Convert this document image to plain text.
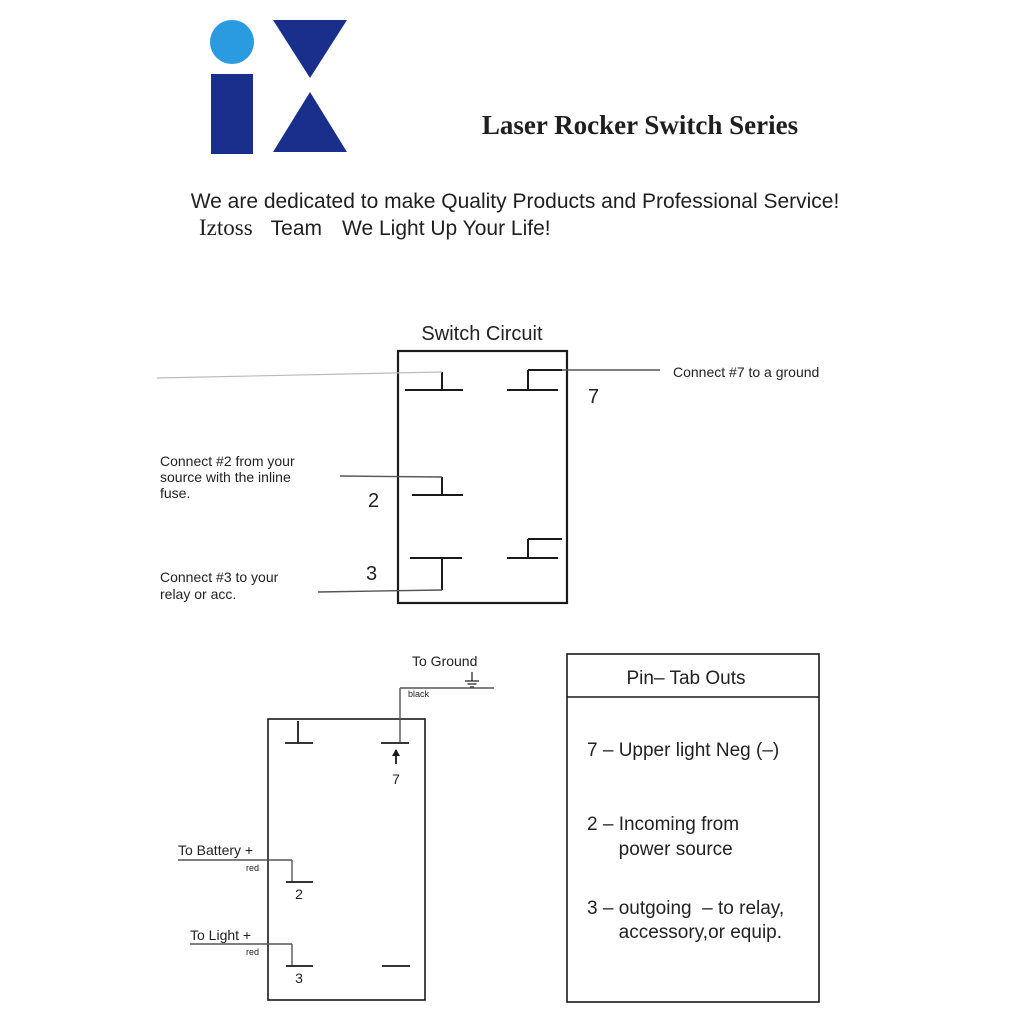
Laser Rocker Switch Series
We are dedicated to make Quality Products and Professional Service!
Iztoss Team We Light Up Your Life!
Switch Circuit
7
Connect #7 to a ground
2
Connect #2 from your
source with the inline
fuse.
3
Connect #3 to your
relay or acc.
To Ground
black
7
To Battery +
red
2
To Light +
red
3
Pin– Tab Outs
7 – Upper light Neg (–)
2 – Incoming from
power source
3 – outgoing  – to relay,
accessory,or equip.
